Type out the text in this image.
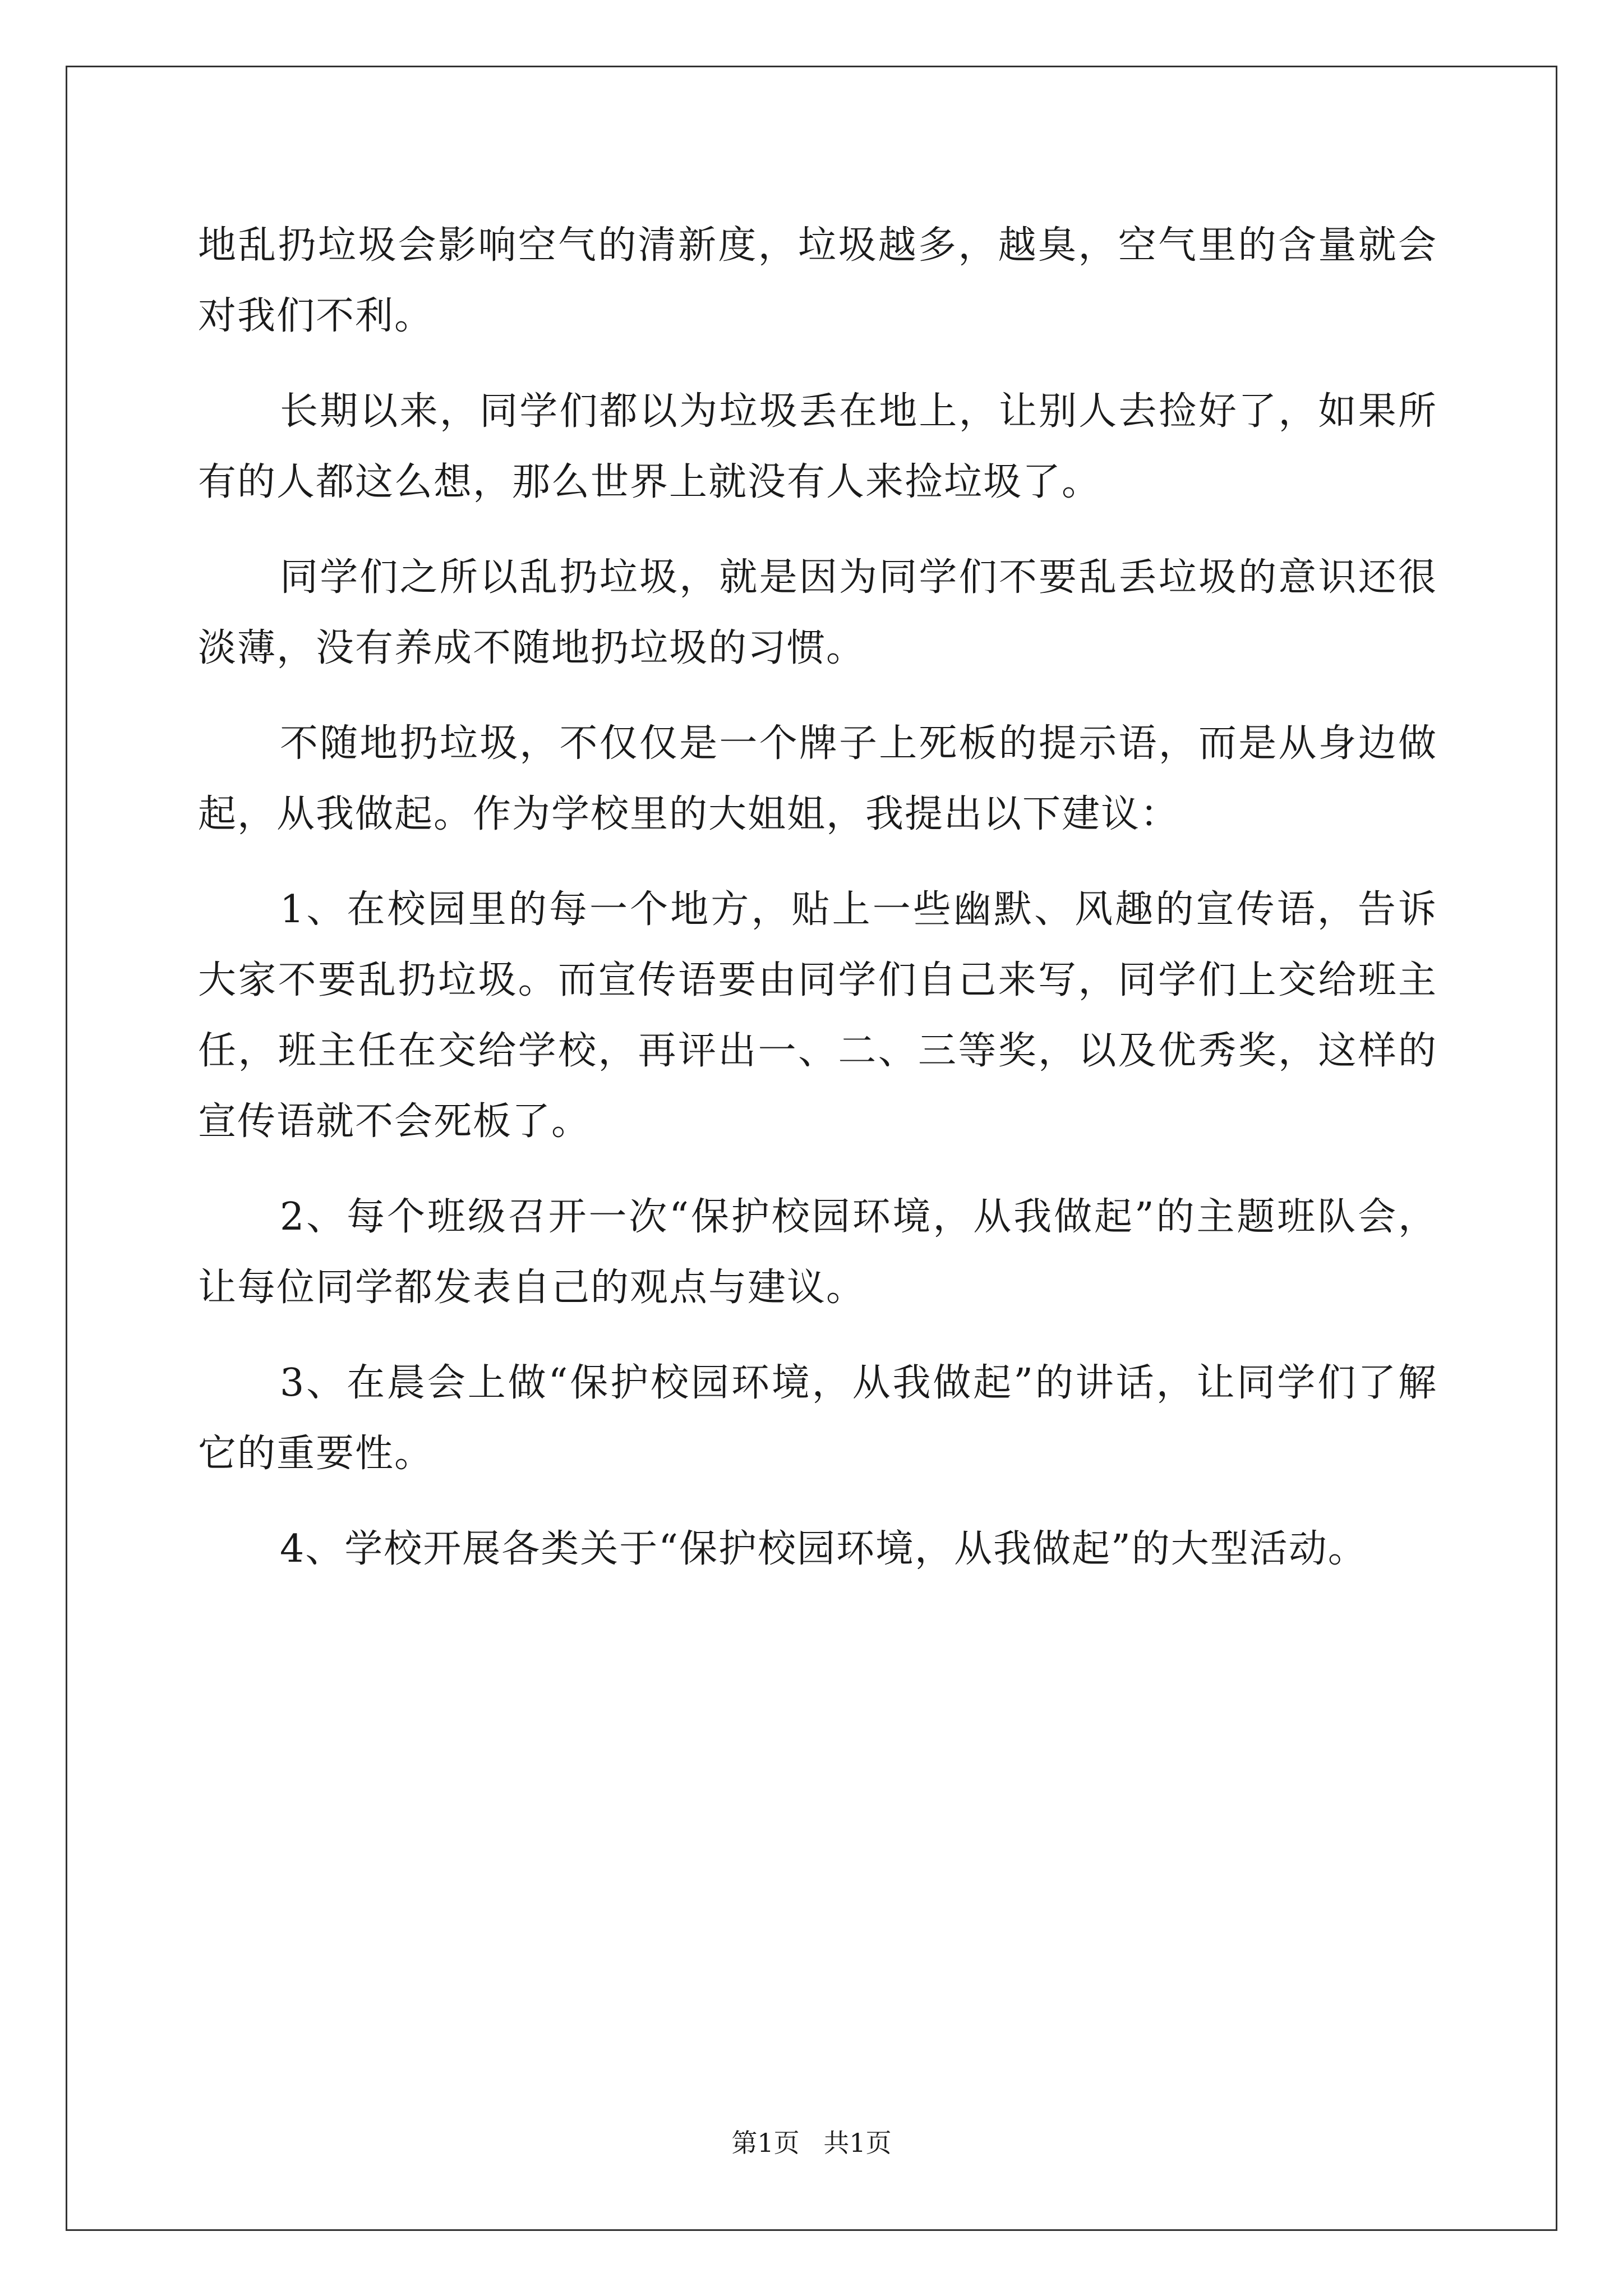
地乱扔垃圾会影响空气的清新度，垃圾越多，越臭，空气里的含量就会对我们不利。

长期以来，同学们都以为垃圾丢在地上，让别人去捡好了，如果所有的人都这么想，那么世界上就没有人来捡垃圾了。

同学们之所以乱扔垃圾，就是因为同学们不要乱丢垃圾的意识还很淡薄，没有养成不随地扔垃圾的习惯。

不随地扔垃圾，不仅仅是一个牌子上死板的提示语，而是从身边做起，从我做起。作为学校里的大姐姐，我提出以下建议：

1、在校园里的每一个地方，贴上一些幽默、风趣的宣传语，告诉大家不要乱扔垃圾。而宣传语要由同学们自己来写，同学们上交给班主任，班主任在交给学校，再评出一、二、三等奖，以及优秀奖，这样的宣传语就不会死板了。

2、每个班级召开一次“保护校园环境，从我做起”的主题班队会，让每位同学都发表自己的观点与建议。

3、在晨会上做“保护校园环境，从我做起”的讲话，让同学们了解它的重要性。

4、学校开展各类关于“保护校园环境，从我做起”的大型活动。

第1页 共1页
